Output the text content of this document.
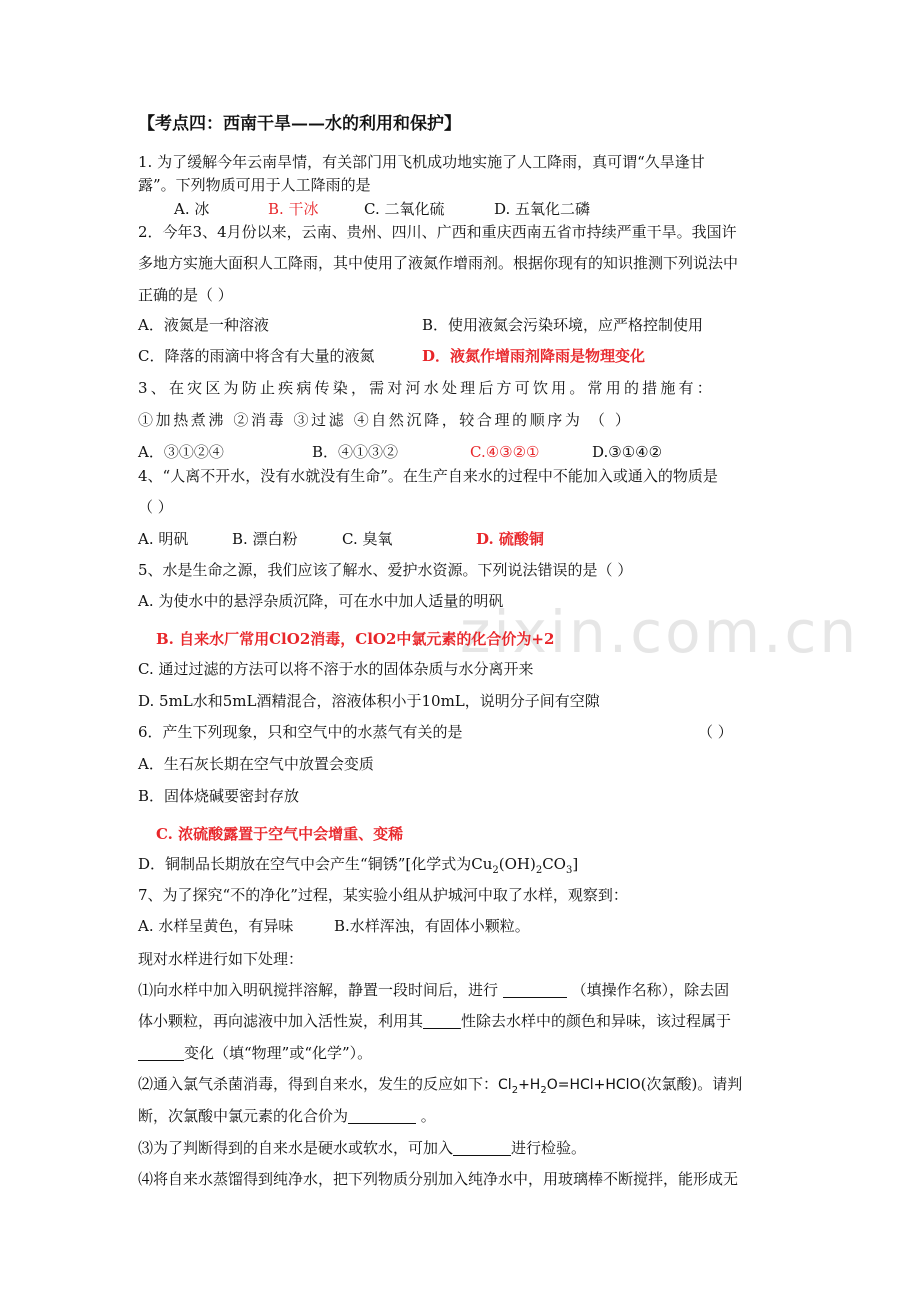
zixin.com.cn
【考点四：西南干旱——水的利用和保护】
1. 为了缓解今年云南旱情，有关部门用飞机成功地实施了人工降雨，真可谓“久旱逢甘
露”。下列物质可用于人工降雨的是
A. 冰	B. 干冰	C. 二氧化硫	D. 五氧化二磷
2．今年3、4月份以来，云南、贵州、四川、广西和重庆西南五省市持续严重干旱。我国许
多地方实施大面积人工降雨，其中使用了液氮作增雨剂。根据你现有的知识推测下列说法中
正确的是（ ）
A．液氮是一种溶液	B．使用液氮会污染环境，应严格控制使用
C．降落的雨滴中将含有大量的液氮	D．液氮作增雨剂降雨是物理变化
3、在灾区为防止疾病传染，需对河水处理后方可饮用。常用的措施有：
①加热煮沸 ②消毒 ③过滤 ④自然沉降，较合理的顺序为 （ ）
A．③①②④	B．④①③②	C.④③②①	D.③①④②
4、“人离不开水，没有水就没有生命”。在生产自来水的过程中不能加入或通入的物质是
（ ）
A. 明矾	B. 漂白粉	C. 臭氧	D. 硫酸铜
5、水是生命之源，我们应该了解水、爱护水资源。下列说法错误的是（ ）
A. 为使水中的悬浮杂质沉降，可在水中加人适量的明矾
B. 自来水厂常用ClO2消毒，ClO2中氯元素的化合价为+2
C. 通过过滤的方法可以将不溶于水的固体杂质与水分离开来
D. 5mL水和5mL酒精混合，溶液体积小于10mL，说明分子间有空隙
6．产生下列现象，只和空气中的水蒸气有关的是	（ ）
A．生石灰长期在空气中放置会变质
B．固体烧碱要密封存放
C. 浓硫酸露置于空气中会增重、变稀
D．铜制品长期放在空气中会产生“铜锈”[化学式为$Cu_2(OH)_2CO_3$]
7、为了探究“不的净化”过程，某实验小组从护城河中取了水样，观察到：
A. 水样呈黄色，有异味	B.水样浑浊，有固体小颗粒。
现对水样进行如下处理：
⑴向水样中加入明矾搅拌溶解，静置一段时间后，进行	（填操作名称），除去固
体小颗粒，再向滤液中加入活性炭，利用其	性除去水样中的颜色和异味，该过程属于
变化（填“物理”或“化学”）。
⑵通入氯气杀菌消毒，得到自来水，发生的反应如下：$Cl_2+H_2O=HCl+HClO$(次氯酸)。请判
断，次氯酸中氯元素的化合价为	。
⑶为了判断得到的自来水是硬水或软水，可加入	进行检验。
⑷将自来水蒸馏得到纯净水，把下列物质分别加入纯净水中，用玻璃棒不断搅拌，能形成无
